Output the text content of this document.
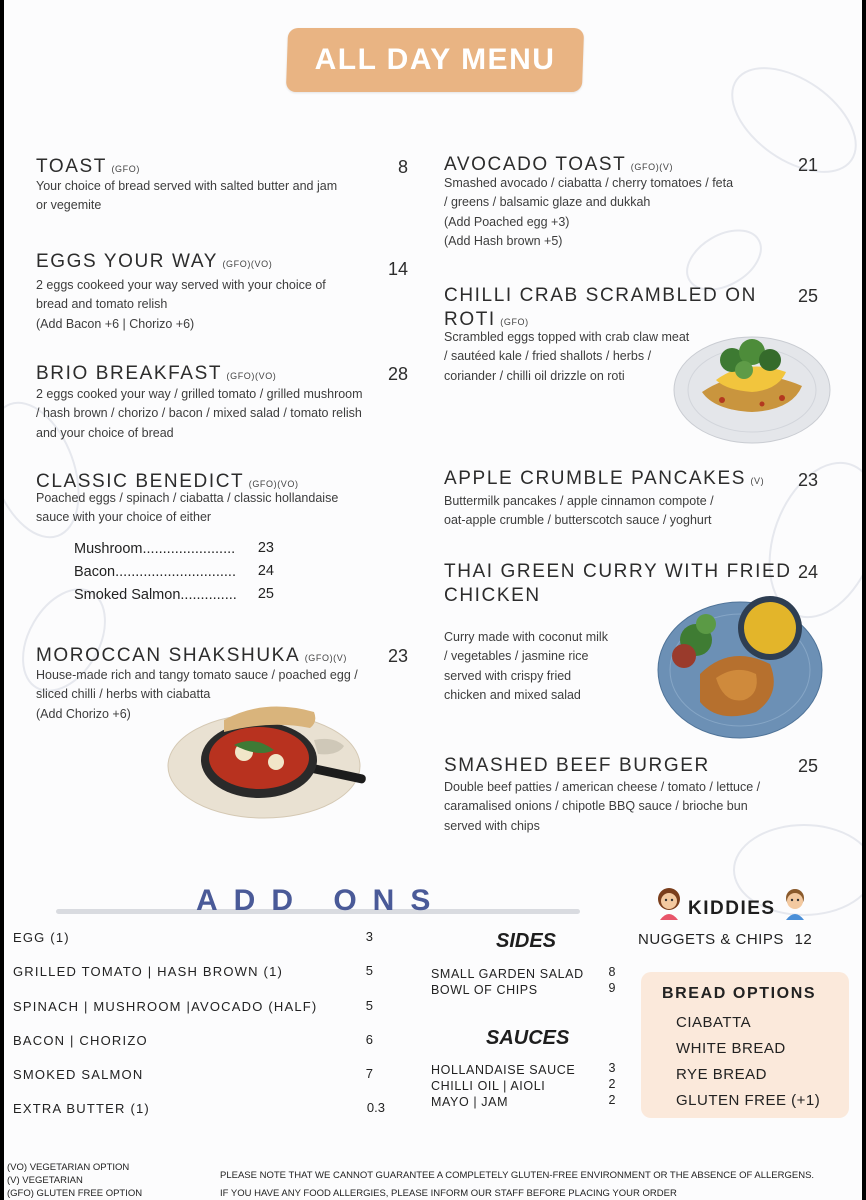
ALL DAY MENU
TOAST (GFO)	8
Your choice of bread served with salted butter and jam
or vegemite
EGGS YOUR WAY (GFO)(VO)	14
2 eggs cookeed your way served with your choice of
bread and tomato relish
(Add Bacon +6 | Chorizo +6)
BRIO BREAKFAST (GFO)(VO)	28
2 eggs cooked your way / grilled tomato / grilled mushroom
/ hash brown / chorizo / bacon / mixed salad / tomato relish
and your choice of bread
CLASSIC BENEDICT (GFO)(VO)
Poached eggs / spinach / ciabatta / classic hollandaise
sauce with your choice of either
Mushroom....................... 23
Bacon.............................. 24
Smoked Salmon.............. 25
MOROCCAN SHAKSHUKA (GFO)(V)	23
House-made rich and tangy tomato sauce / poached egg /
sliced chilli / herbs with ciabatta
(Add Chorizo +6)
AVOCADO TOAST (GFO)(V)	21
Smashed avocado / ciabatta / cherry tomatoes / feta
/ greens / balsamic glaze and dukkah
(Add Poached egg +3)
(Add Hash brown +5)
CHILLI CRAB SCRAMBLED ON
ROTI (GFO)
25
Scrambled eggs topped with crab claw meat
/ sautéed kale / fried shallots / herbs /
coriander / chilli oil drizzle on roti
APPLE CRUMBLE PANCAKES (V)	23
Buttermilk pancakes / apple cinnamon compote /
oat-apple crumble / butterscotch sauce / yoghurt
THAI GREEN CURRY WITH FRIED
CHICKEN
24
Curry made with coconut milk
/ vegetables / jasmine rice
served with crispy fried
chicken and mixed salad
SMASHED BEEF BURGER	25
Double beef patties / american cheese / tomato / lettuce /
caramalised onions / chipotle BBQ sauce / brioche bun
served with chips
ADD ONS
EGG (1)	3
GRILLED TOMATO | HASH BROWN (1)	5
SPINACH | MUSHROOM |AVOCADO (HALF)	5
BACON | CHORIZO	6
SMOKED SALMON	7
EXTRA BUTTER (1)	0.3
SIDES
SMALL GARDEN SALAD 8
BOWL OF CHIPS	9
SAUCES
HOLLANDAISE SAUCE	3
CHILLI OIL | AIOLI	2
MAYO | JAM	2
KIDDIES
NUGGETS & CHIPS 12
BREAD OPTIONS
CIABATTA
WHITE BREAD
RYE BREAD
GLUTEN FREE (+1)
(VO) VEGETARIAN OPTION
(V) VEGETARIAN
(GFO) GLUTEN FREE OPTION
PLEASE NOTE THAT WE CANNOT GUARANTEE A COMPLETELY GLUTEN-FREE ENVIRONMENT OR THE ABSENCE OF ALLERGENS.
IF YOU HAVE ANY FOOD ALLERGIES, PLEASE INFORM OUR STAFF BEFORE PLACING YOUR ORDER
